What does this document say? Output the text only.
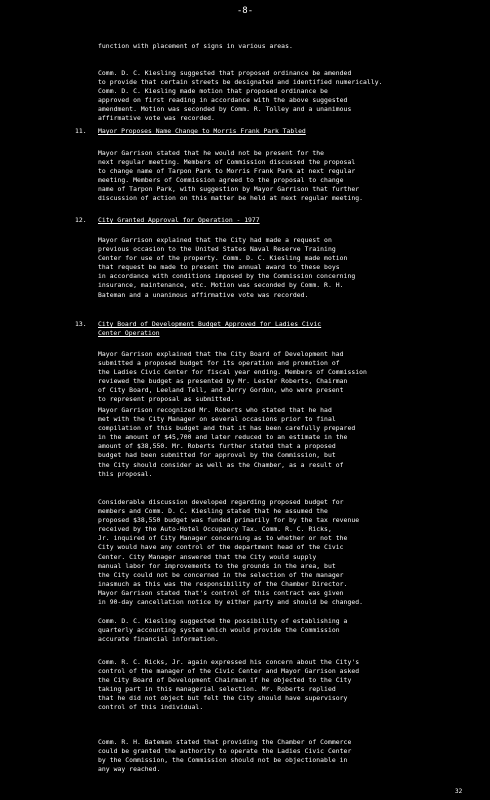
-8-
function with placement of signs in various areas.
Comm. D. C. Kiesling suggested that proposed ordinance be amended
to provide that certain streets be designated and identified numerically.
Comm. D. C. Kiesling made motion that proposed ordinance be
approved on first reading in accordance with the above suggested
amendment. Motion was seconded by Comm. R. Tolley and a unanimous
affirmative vote was recorded.
11. Mayor Proposes Name Change to Morris Frank Park Tabled
Mayor Garrison stated that he would not be present for the
next regular meeting. Members of Commission discussed the proposal
to change name of Tarpon Park to Morris Frank Park at next regular
meeting. Members of Commission agreed to the proposal to change
name of Tarpon Park, with suggestion by Mayor Garrison that further
discussion of action on this matter be held at next regular meeting.
12. City Granted Approval for Operation - 1977
Mayor Garrison explained that the City had made a request on
previous occasion to the United States Naval Reserve Training
Center for use of the property. Comm. D. C. Kiesling made motion
that request be made to present the annual award to these boys
in accordance with conditions imposed by the Commission concerning
insurance, maintenance, etc. Motion was seconded by Comm. R. H.
Bateman and a unanimous affirmative vote was recorded.
13. City Board of Development Budget Approved for Ladies Civic
Center Operation
Mayor Garrison explained that the City Board of Development had
submitted a proposed budget for its operation and promotion of
the Ladies Civic Center for fiscal year ending. Members of Commission
reviewed the budget as presented by Mr. Lester Roberts, Chairman
of City Board, Leeland Tell, and Jerry Gordon, who were present
to represent proposal as submitted.
Mayor Garrison recognized Mr. Roberts who stated that he had
met with the City Manager on several occasions prior to final
compilation of this budget and that it has been carefully prepared
in the amount of $45,700 and later reduced to an estimate in the
amount of $38,550. Mr. Roberts further stated that a proposed
budget had been submitted for approval by the Commission, but
the City should consider as well as the Chamber, as a result of
this proposal.
Considerable discussion developed regarding proposed budget for
members and Comm. D. C. Kiesling stated that he assumed the
proposed $38,550 budget was funded primarily for by the tax revenue
received by the Auto-Hotel Occupancy Tax. Comm. R. C. Ricks,
Jr. inquired of City Manager concerning as to whether or not the
City would have any control of the department head of the Civic
Center. City Manager answered that the City would supply
manual labor for improvements to the grounds in the area, but
the City could not be concerned in the selection of the manager
inasmuch as this was the responsibility of the Chamber Director.
Mayor Garrison stated that's control of this contract was given
in 90-day cancellation notice by either party and should be changed.
Comm. D. C. Kiesling suggested the possibility of establishing a
quarterly accounting system which would provide the Commission
accurate financial information.
Comm. R. C. Ricks, Jr. again expressed his concern about the City's
control of the manager of the Civic Center and Mayor Garrison asked
the City Board of Development Chairman if he objected to the City
taking part in this managerial selection. Mr. Roberts replied
that he did not object but felt the City should have supervisory
control of this individual.
Comm. R. H. Bateman stated that providing the Chamber of Commerce
could be granted the authority to operate the Ladies Civic Center
by the Commission, the Commission should not be objectionable in
any way reached.
32
